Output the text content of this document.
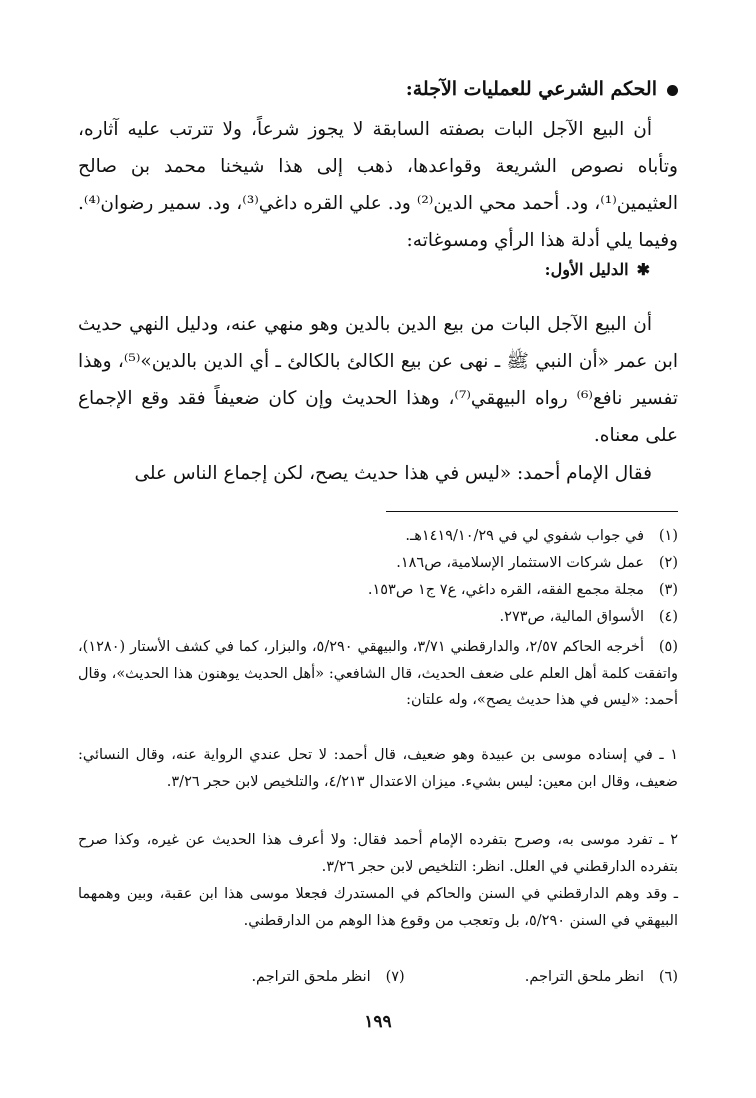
الحكم الشرعي للعمليات الآجلة:

أن البيع الآجل البات بصفته السابقة لا يجوز شرعاً، ولا تترتب عليه آثاره، وتأباه نصوص الشريعة وقواعدها، ذهب إلى هذا شيخنا محمد بن صالح العثيمين⁽¹⁾، ود. أحمد محي الدين⁽²⁾ ود. علي القره داغي⁽³⁾، ود. سمير رضوان⁽⁴⁾. وفيما يلي أدلة هذا الرأي ومسوغاته:

✱الدليل الأول:

أن البيع الآجل البات من بيع الدين بالدين وهو منهي عنه، ودليل النهي حديث ابن عمر «أن النبي ﷺ ـ نهى عن بيع الكالئ بالكالئ ـ أي الدين بالدين»⁽⁵⁾، وهذا تفسير نافع⁽⁶⁾ رواه البيهقي⁽⁷⁾، وهذا الحديث وإن كان ضعيفاً فقد وقع الإجماع على معناه.

فقال الإمام أحمد: «ليس في هذا حديث يصح، لكن إجماع الناس على

(١)في جواب شفوي لي في ١٤١٩/١٠/٢٩هـ.

(٢)عمل شركات الاستثمار الإسلامية، ص١٨٦.

(٣)مجلة مجمع الفقه، القره داغي، ع٧ ج١ ص١٥٣.

(٤)الأسواق المالية، ص٢٧٣.

(٥)أخرجه الحاكم ٢/٥٧، والدارقطني ٣/٧١، والبيهقي ٥/٢٩٠، والبزار، كما في كشف الأستار (١٢٨٠)، واتفقت كلمة أهل العلم على ضعف الحديث، قال الشافعي: «أهل الحديث يوهنون هذا الحديث»، وقال أحمد: «ليس في هذا حديث يصح»، وله علتان:
١ ـ في إسناده موسى بن عبيدة وهو ضعيف، قال أحمد: لا تحل عندي الرواية عنه، وقال النسائي: ضعيف، وقال ابن معين: ليس بشيء. ميزان الاعتدال ٤/٢١٣، والتلخيص لابن حجر ٣/٢٦.
٢ ـ تفرد موسى به، وصرح بتفرده الإمام أحمد فقال: ولا أعرف هذا الحديث عن غيره، وكذا صرح بتفرده الدارقطني في العلل. انظر: التلخيص لابن حجر ٣/٢٦.
ـ وقد وهم الدارقطني في السنن والحاكم في المستدرك فجعلا موسى هذا ابن عقبة، وبين وهمهما البيهقي في السنن ٥/٢٩٠، بل وتعجب من وقوع هذا الوهم من الدارقطني.

(٦)انظر ملحق التراجم.(٧)انظر ملحق التراجم.

١٩٩
